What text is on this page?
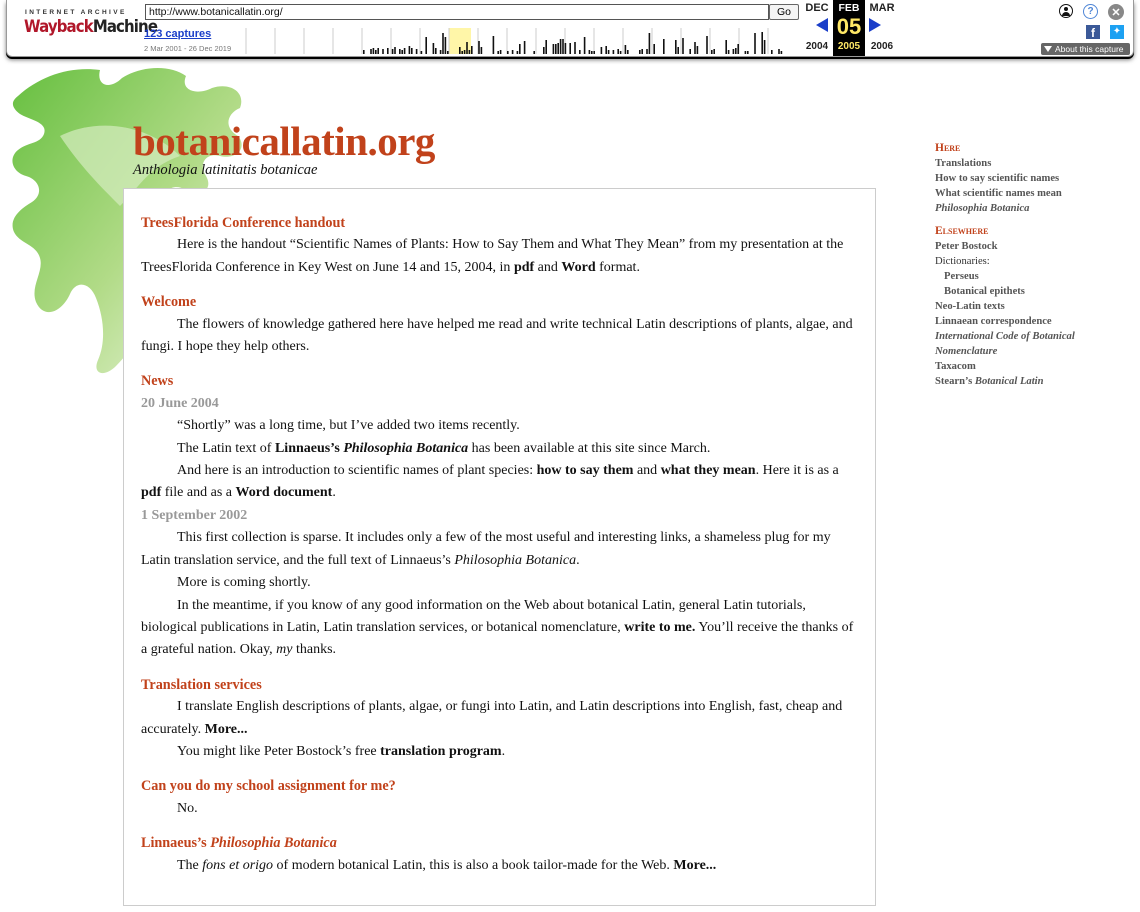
INTERNET ARCHIVE
WaybackMachine
http://www.botanicallatin.org/	Go
123 captures
2 Mar 2001 - 26 Dec 2019
DEC	MAR
2004	2006
FEB
05
2005
?	✕
f	✦
About this capture
botanicallatin.org
Anthologia latinitatis botanicae
TreesFlorida Conference handout

Here is the handout “Scientific Names of Plants: How to Say Them and What They Mean” from my presentation at the TreesFlorida Conference in Key West on June 14 and 15, 2004, in pdf and Word format.

Welcome

The flowers of knowledge gathered here have helped me read and write technical Latin descriptions of plants, algae, and fungi. I hope they help others.

News
20 June 2004

“Shortly” was a long time, but I’ve added two items recently.

The Latin text of Linnaeus’s Philosophia Botanica has been available at this site since March.

And here is an introduction to scientific names of plant species: how to say them and what they mean. Here it is as a pdf file and as a Word document.

1 September 2002

This first collection is sparse. It includes only a few of the most useful and interesting links, a shameless plug for my Latin translation service, and the full text of Linnaeus’s Philosophia Botanica.

More is coming shortly.

In the meantime, if you know of any good information on the Web about botanical Latin, general Latin tutorials, biological publications in Latin, Latin translation services, or botanical nomenclature, write to me. You’ll receive the thanks of a grateful nation. Okay, my thanks.

Translation services

I translate English descriptions of plants, algae, or fungi into Latin, and Latin descriptions into English, fast, cheap and accurately. More...

You might like Peter Bostock’s free translation program.

Can you do my school assignment for me?

No.

Linnaeus’s Philosophia Botanica

The fons et origo of modern botanical Latin, this is also a book tailor-made for the Web. More...

Here
Translations
How to say scientific names
What scientific names mean
Philosophia Botanica
Elsewhere
Peter Bostock
Dictionaries:
Perseus
Botanical epithets
Neo-Latin texts
Linnaean correspondence
International Code of Botanical Nomenclature
Taxacom
Stearn’s Botanical Latin
